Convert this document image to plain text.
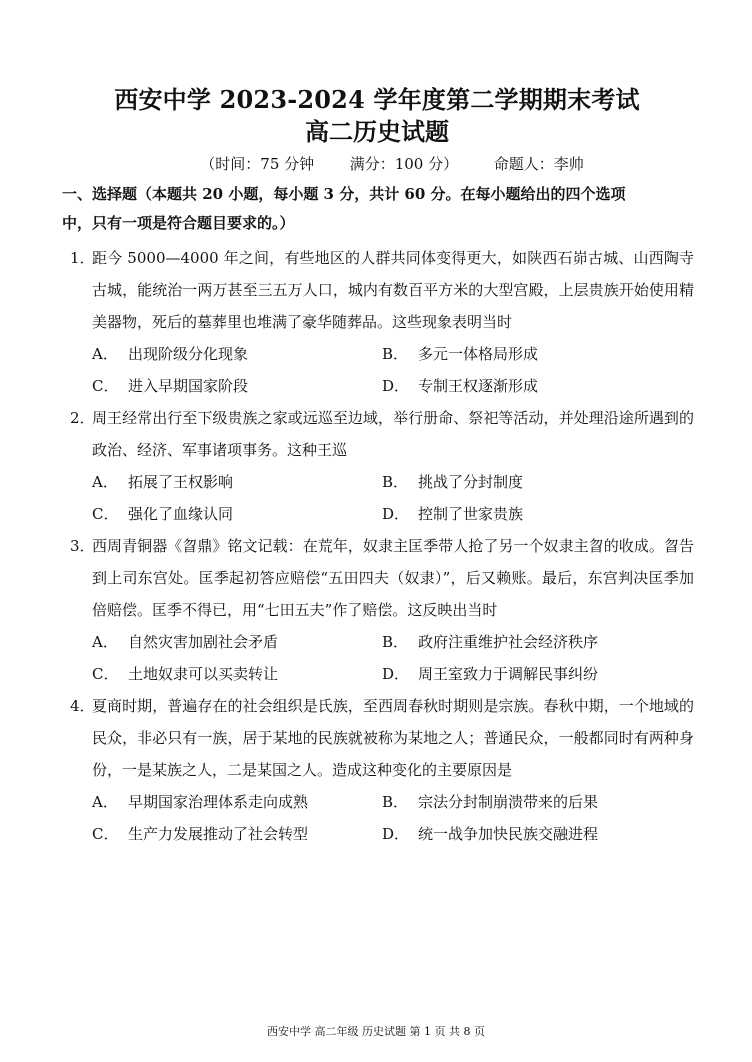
西安中学 2023-2024 学年度第二学期期末考试
高二历史试题
（时间：75 分钟 满分：100 分） 命题人：李帅
一、选择题（本题共 20 小题，每小题 3 分，共计 60 分。在每小题给出的四个选项
中，只有一项是符合题目要求的。）
1．
距今 5000—4000 年之间，有些地区的人群共同体变得更大，如陕西石峁古城、山西陶寺古城，能统治一两万甚至三五万人口，城内有数百平方米的大型宫殿，上层贵族开始使用精美器物，死后的墓葬里也堆满了豪华随葬品。这些现象表明当时
A． 出现阶级分化现象	B． 多元一体格局形成
C． 进入早期国家阶段	D． 专制王权逐渐形成
2．
周王经常出行至下级贵族之家或远巡至边域，举行册命、祭祀等活动，并处理沿途所遇到的政治、经济、军事诸项事务。这种王巡
A． 拓展了王权影响	B． 挑战了分封制度
C． 强化了血缘认同	D． 控制了世家贵族
3．
西周青铜器《曶鼎》铭文记载：在荒年，奴隶主匡季带人抢了另一个奴隶主曶的收成。曶告到上司东宫处。匡季起初答应赔偿“五田四夫（奴隶）”，后又赖账。最后，东宫判决匡季加倍赔偿。匡季不得已，用“七田五夫”作了赔偿。这反映出当时
A． 自然灾害加剧社会矛盾	B． 政府注重维护社会经济秩序
C． 土地奴隶可以买卖转让	D． 周王室致力于调解民事纠纷
4．
夏商时期，普遍存在的社会组织是氏族，至西周春秋时期则是宗族。春秋中期，一个地域的民众，非必只有一族，居于某地的民族就被称为某地之人；普通民众，一般都同时有两种身份，一是某族之人，二是某国之人。造成这种变化的主要原因是
A． 早期国家治理体系走向成熟	B． 宗法分封制崩溃带来的后果
C． 生产力发展推动了社会转型	D． 统一战争加快民族交融进程
西安中学 高二年级 历史试题 第 1 页 共 8 页
